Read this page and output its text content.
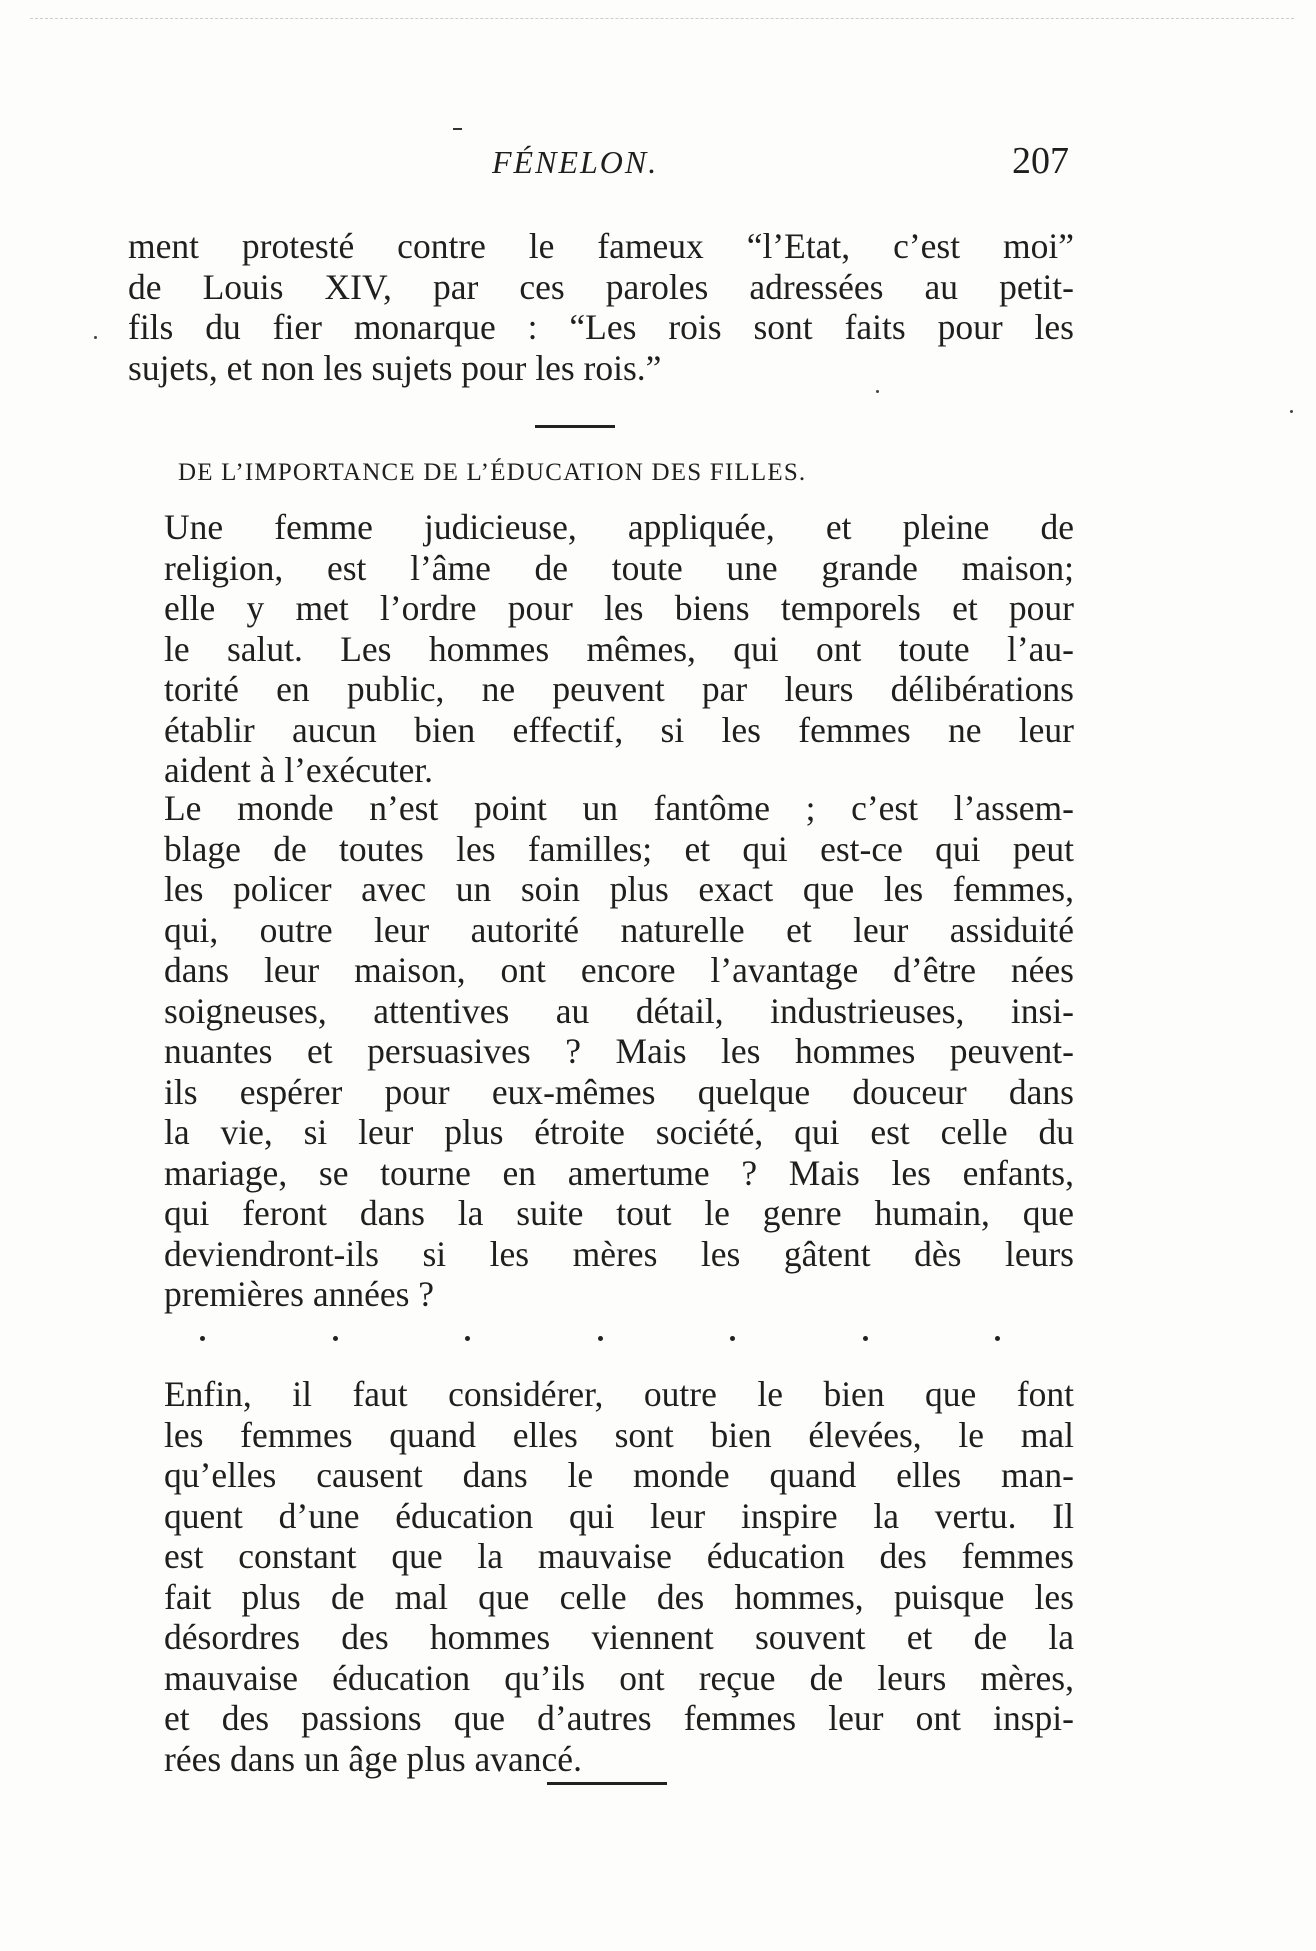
FÉNELON.	207

ment protesté contre le fameux “l’Etat, c’est moi”
de Louis XIV, par ces paroles adressées au petit-
fils du fier monarque : “Les rois sont faits pour les
sujets, et non les sujets pour les rois.”

DE L’IMPORTANCE DE L’ÉDUCATION DES FILLES.

Une femme judicieuse, appliquée, et pleine de
religion, est l’âme de toute une grande maison;
elle y met l’ordre pour les biens temporels et pour
le salut. Les hommes mêmes, qui ont toute l’au-
torité en public, ne peuvent par leurs délibérations
établir aucun bien effectif, si les femmes ne leur
aident à l’exécuter.

Le monde n’est point un fantôme ; c’est l’assem-
blage de toutes les familles; et qui est-ce qui peut
les policer avec un soin plus exact que les femmes,
qui, outre leur autorité naturelle et leur assiduité
dans leur maison, ont encore l’avantage d’être nées
soigneuses, attentives au détail, industrieuses, insi-
nuantes et persuasives ? Mais les hommes peuvent-
ils espérer pour eux-mêmes quelque douceur dans
la vie, si leur plus étroite société, qui est celle du
mariage, se tourne en amertume ? Mais les enfants,
qui feront dans la suite tout le genre humain, que
deviendront-ils si les mères les gâtent dès leurs
premières années ?

Enfin, il faut considérer, outre le bien que font
les femmes quand elles sont bien élevées, le mal
qu’elles causent dans le monde quand elles man-
quent d’une éducation qui leur inspire la vertu. Il
est constant que la mauvaise éducation des femmes
fait plus de mal que celle des hommes, puisque les
désordres des hommes viennent souvent et de la
mauvaise éducation qu’ils ont reçue de leurs mères,
et des passions que d’autres femmes leur ont inspi-
rées dans un âge plus avancé.
